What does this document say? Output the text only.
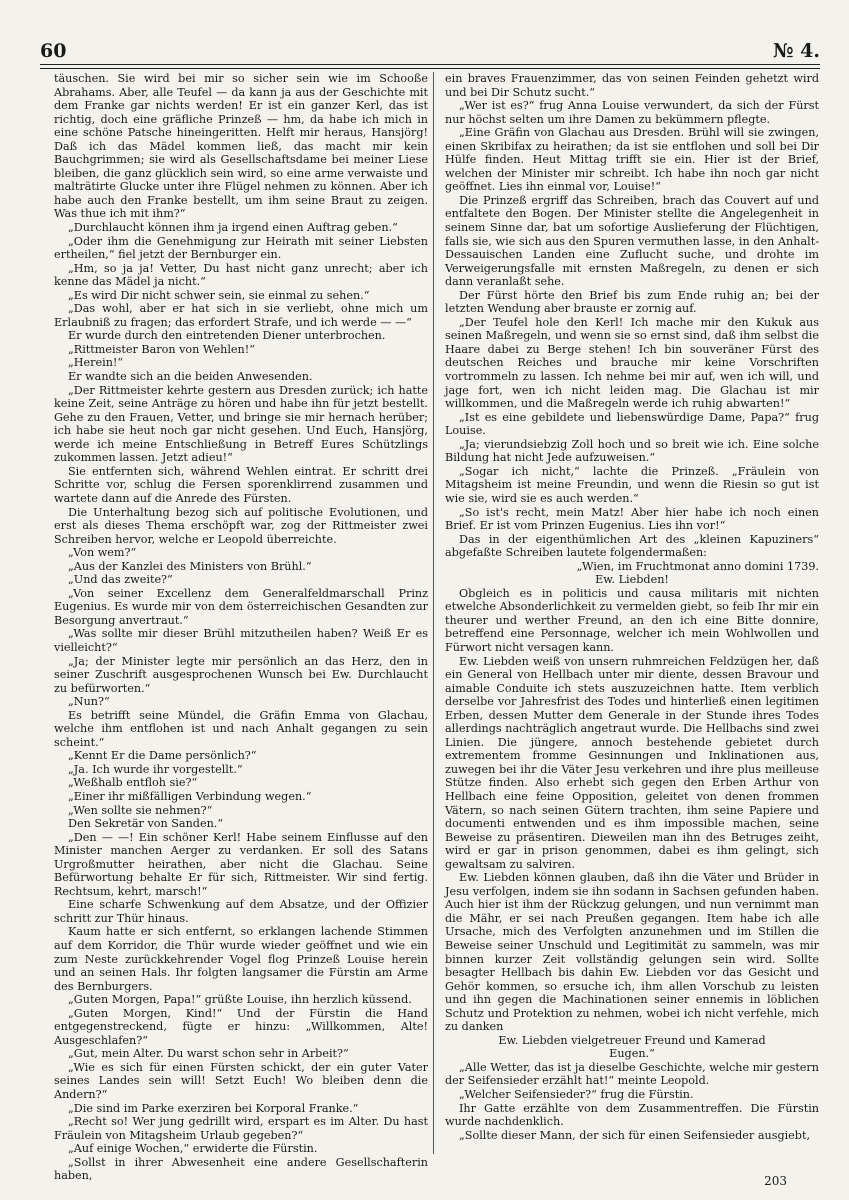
60	№ 4.

täuschen. Sie wird bei mir so sicher sein wie im Schooße Abrahams. Aber, alle Teufel — da kann ja aus der Geschichte mit dem Franke gar nichts werden! Er ist ein ganzer Kerl, das ist richtig, doch eine gräfliche Prinzeß — hm, da habe ich mich in eine schöne Patsche hineingeritten. Helft mir heraus, Hansjörg! Daß ich das Mädel kommen ließ, das macht mir kein Bauchgrimmen; sie wird als Gesellschaftsdame bei meiner Liese bleiben, die ganz glücklich sein wird, so eine arme verwaiste und malträtirte Glucke unter ihre Flügel nehmen zu können. Aber ich habe auch den Franke bestellt, um ihm seine Braut zu zeigen. Was thue ich mit ihm?“

„Durchlaucht können ihm ja irgend einen Auftrag geben.“

„Oder ihm die Genehmigung zur Heirath mit seiner Liebsten ertheilen,“ fiel jetzt der Bernburger ein.

„Hm, so ja ja! Vetter, Du hast nicht ganz unrecht; aber ich kenne das Mädel ja nicht.“

„Es wird Dir nicht schwer sein, sie einmal zu sehen.“

„Das wohl, aber er hat sich in sie verliebt, ohne mich um Erlaubniß zu fragen; das erfordert Strafe, und ich werde — —“

Er wurde durch den eintretenden Diener unterbrochen.

„Rittmeister Baron von Wehlen!“

„Herein!“

Er wandte sich an die beiden Anwesenden.

„Der Rittmeister kehrte gestern aus Dresden zurück; ich hatte keine Zeit, seine Anträge zu hören und habe ihn für jetzt bestellt. Gehe zu den Frauen, Vetter, und bringe sie mir hernach herüber; ich habe sie heut noch gar nicht gesehen. Und Euch, Hansjörg, werde ich meine Entschließung in Betreff Eures Schützlings zukommen lassen. Jetzt adieu!“

Sie entfernten sich, während Wehlen eintrat. Er schritt drei Schritte vor, schlug die Fersen sporenklirrend zusammen und wartete dann auf die Anrede des Fürsten.

Die Unterhaltung bezog sich auf politische Evolutionen, und erst als dieses Thema erschöpft war, zog der Rittmeister zwei Schreiben hervor, welche er Leopold überreichte.

„Von wem?“

„Aus der Kanzlei des Ministers von Brühl.“

„Und das zweite?“

„Von seiner Excellenz dem Generalfeldmarschall Prinz Eugenius. Es wurde mir von dem österreichischen Gesandten zur Besorgung anvertraut.“

„Was sollte mir dieser Brühl mitzutheilen haben? Weiß Er es vielleicht?“

„Ja; der Minister legte mir persönlich an das Herz, den in seiner Zuschrift ausgesprochenen Wunsch bei Ew. Durchlaucht zu befürworten.“

„Nun?“

Es betrifft seine Mündel, die Gräfin Emma von Glachau, welche ihm entflohen ist und nach Anhalt gegangen zu sein scheint.“

„Kennt Er die Dame persönlich?“

„Ja. Ich wurde ihr vorgestellt.“

„Weßhalb entfloh sie?“

„Einer ihr mißfälligen Verbindung wegen.“

„Wen sollte sie nehmen?“

Den Sekretär von Sanden.“

„Den — —! Ein schöner Kerl! Habe seinem Einflusse auf den Minister manchen Aerger zu verdanken. Er soll des Satans Urgroßmutter heirathen, aber nicht die Glachau. Seine Befürwortung behalte Er für sich, Rittmeister. Wir sind fertig. Rechtsum, kehrt, marsch!“

Eine scharfe Schwenkung auf dem Absatze, und der Offizier schritt zur Thür hinaus.

Kaum hatte er sich entfernt, so erklangen lachende Stimmen auf dem Korridor, die Thür wurde wieder geöffnet und wie ein zum Neste zurückkehrender Vogel flog Prinzeß Louise herein und an seinen Hals. Ihr folgten langsamer die Fürstin am Arme des Bernburgers.

„Guten Morgen, Papa!“ grüßte Louise, ihn herzlich küssend.

„Guten Morgen, Kind!“ Und der Fürstin die Hand entgegenstreckend, fügte er hinzu: „Willkommen, Alte! Ausgeschlafen?“

„Gut, mein Alter. Du warst schon sehr in Arbeit?“

„Wie es sich für einen Fürsten schickt, der ein guter Vater seines Landes sein will! Setzt Euch! Wo bleiben denn die Andern?“

„Die sind im Parke exerziren bei Korporal Franke.“

„Recht so! Wer jung gedrillt wird, erspart es im Alter. Du hast Fräulein von Mitagsheim Urlaub gegeben?“

„Auf einige Wochen,“ erwiderte die Fürstin.

„Sollst in ihrer Abwesenheit eine andere Gesellschafterin haben,

ein braves Frauenzimmer, das von seinen Feinden gehetzt wird und bei Dir Schutz sucht.“

„Wer ist es?“ frug Anna Louise verwundert, da sich der Fürst nur höchst selten um ihre Damen zu bekümmern pflegte.

„Eine Gräfin von Glachau aus Dresden. Brühl will sie zwingen, einen Skribifax zu heirathen; da ist sie entflohen und soll bei Dir Hülfe finden. Heut Mittag trifft sie ein. Hier ist der Brief, welchen der Minister mir schreibt. Ich habe ihn noch gar nicht geöffnet. Lies ihn einmal vor, Louise!“

Die Prinzeß ergriff das Schreiben, brach das Couvert auf und entfaltete den Bogen. Der Minister stellte die Angelegenheit in seinem Sinne dar, bat um sofortige Auslieferung der Flüchtigen, falls sie, wie sich aus den Spuren vermuthen lasse, in den Anhalt-Dessauischen Landen eine Zuflucht suche, und drohte im Verweigerungsfalle mit ernsten Maßregeln, zu denen er sich dann veranlaßt sehe.

Der Fürst hörte den Brief bis zum Ende ruhig an; bei der letzten Wendung aber brauste er zornig auf.

„Der Teufel hole den Kerl! Ich mache mir den Kukuk aus seinen Maßregeln, und wenn sie so ernst sind, daß ihm selbst die Haare dabei zu Berge stehen! Ich bin souveräner Fürst des deutschen Reiches und brauche mir keine Vorschriften vortrommeln zu lassen. Ich nehme bei mir auf, wen ich will, und jage fort, wen ich nicht leiden mag. Die Glachau ist mir willkommen, und die Maßregeln werde ich ruhig abwarten!“

„Ist es eine gebildete und liebenswürdige Dame, Papa?“ frug Louise.

„Ja; vierundsiebzig Zoll hoch und so breit wie ich. Eine solche Bildung hat nicht Jede aufzuweisen.“

„Sogar ich nicht,“ lachte die Prinzeß. „Fräulein von Mitagsheim ist meine Freundin, und wenn die Riesin so gut ist wie sie, wird sie es auch werden.“

„So ist's recht, mein Matz! Aber hier habe ich noch einen Brief. Er ist vom Prinzen Eugenius. Lies ihn vor!“

Das in der eigenthümlichen Art des „kleinen Kapuziners“ abgefaßte Schreiben lautete folgendermaßen:

„Wien, im Fruchtmonat anno domini 1739.

Ew. Liebden!

Obgleich es in politicis und causa militaris mit nichten etwelche Absonderlichkeit zu vermelden giebt, so feib Ihr mir ein theurer und werther Freund, an den ich eine Bitte donnire, betreffend eine Personnage, welcher ich mein Wohlwollen und Fürwort nicht versagen kann.

Ew. Liebden weiß von unsern ruhmreichen Feldzügen her, daß ein General von Hellbach unter mir diente, dessen Bravour und aimable Conduite ich stets auszuzeichnen hatte. Item verblich derselbe vor Jahresfrist des Todes und hinterließ einen legitimen Erben, dessen Mutter dem Generale in der Stunde ihres Todes allerdings nachträglich angetraut wurde. Die Hellbachs sind zwei Linien. Die jüngere, annoch bestehende gebietet durch extrementem fromme Gesinnungen und Inklinationen aus, zuwegen bei ihr die Väter Jesu verkehren und ihre plus meilleuse Stütze finden. Also erhebt sich gegen den Erben Arthur von Hellbach eine feine Opposition, geleitet von denen frommen Vätern, so nach seinen Gütern trachten, ihm seine Papiere und documenti entwenden und es ihm impossible machen, seine Beweise zu präsentiren. Dieweilen man ihn des Betruges zeiht, wird er gar in prison genommen, dabei es ihm gelingt, sich gewaltsam zu salviren.

Ew. Liebden können glauben, daß ihn die Väter und Brüder in Jesu verfolgen, indem sie ihn sodann in Sachsen gefunden haben. Auch hier ist ihm der Rückzug gelungen, und nun vernimmt man die Mähr, er sei nach Preußen gegangen. Item habe ich alle Ursache, mich des Verfolgten anzunehmen und im Stillen die Beweise seiner Unschuld und Legitimität zu sammeln, was mir binnen kurzer Zeit vollständig gelungen sein wird. Sollte besagter Hellbach bis dahin Ew. Liebden vor das Gesicht und Gehör kommen, so ersuche ich, ihm allen Vorschub zu leisten und ihn gegen die Machinationen seiner ennemis in löblichen Schutz und Protektion zu nehmen, wobei ich nicht verfehle, mich zu danken

Ew. Liebden vielgetreuer Freund und Kamerad

Eugen.“

„Alle Wetter, das ist ja dieselbe Geschichte, welche mir gestern der Seifensieder erzählt hat!“ meinte Leopold.

„Welcher Seifensieder?“ frug die Fürstin.

Ihr Gatte erzählte von dem Zusammentreffen. Die Fürstin wurde nachdenklich.

„Sollte dieser Mann, der sich für einen Seifensieder ausgiebt,

203
